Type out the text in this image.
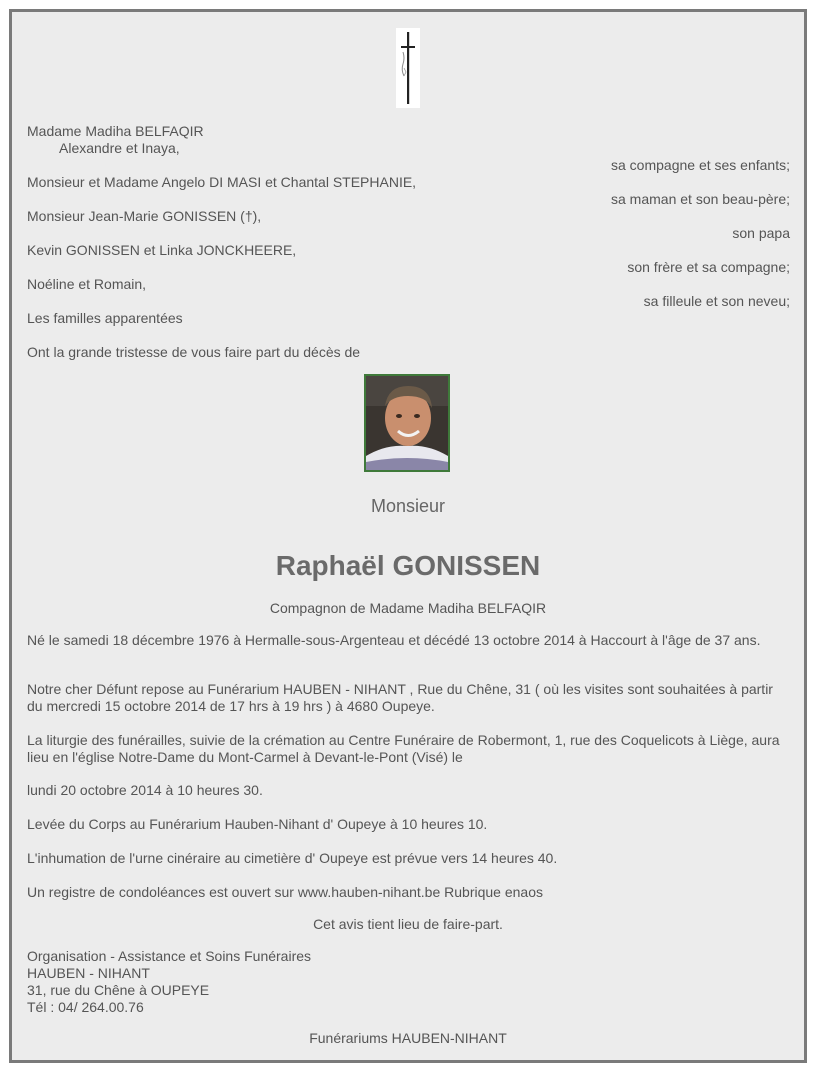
Madame Madiha BELFAQIR
Alexandre et Inaya,
Monsieur et Madame Angelo DI MASI et Chantal STEPHANIE,
Monsieur Jean-Marie GONISSEN (†),
Kevin GONISSEN et Linka JONCKHEERE,
Noéline et Romain,
Les familles apparentées
Ont la grande tristesse de vous faire part du décès de
sa compagne et ses enfants;
sa maman et son beau-père;
son papa
son frère et sa compagne;
sa filleule et son neveu;
Monsieur
Raphaël GONISSEN
Compagnon de Madame Madiha BELFAQIR
Né le samedi 18 décembre 1976 à Hermalle-sous-Argenteau et décédé 13 octobre 2014 à Haccourt à l'âge de 37 ans.
Notre cher Défunt repose au Funérarium HAUBEN - NIHANT , Rue du Chêne, 31 ( où les visites sont souhaitées à partir du mercredi 15 octobre 2014 de 17 hrs à 19 hrs ) à 4680 Oupeye.
La liturgie des funérailles, suivie de la crémation au Centre Funéraire de Robermont, 1, rue des Coquelicots à Liège, aura lieu en l'église Notre-Dame du Mont-Carmel à Devant-le-Pont (Visé) le
lundi 20 octobre 2014 à 10 heures 30.
Levée du Corps au Funérarium Hauben-Nihant d' Oupeye à 10 heures 10.
L'inhumation de l'urne cinéraire au cimetière d' Oupeye est prévue vers 14 heures 40.
Un registre de condoléances est ouvert sur www.hauben-nihant.be Rubrique enaos
Cet avis tient lieu de faire-part.
Organisation - Assistance et Soins Funéraires
HAUBEN - NIHANT
31, rue du Chêne à OUPEYE
Tél : 04/ 264.00.76
Funérariums HAUBEN-NIHANT
